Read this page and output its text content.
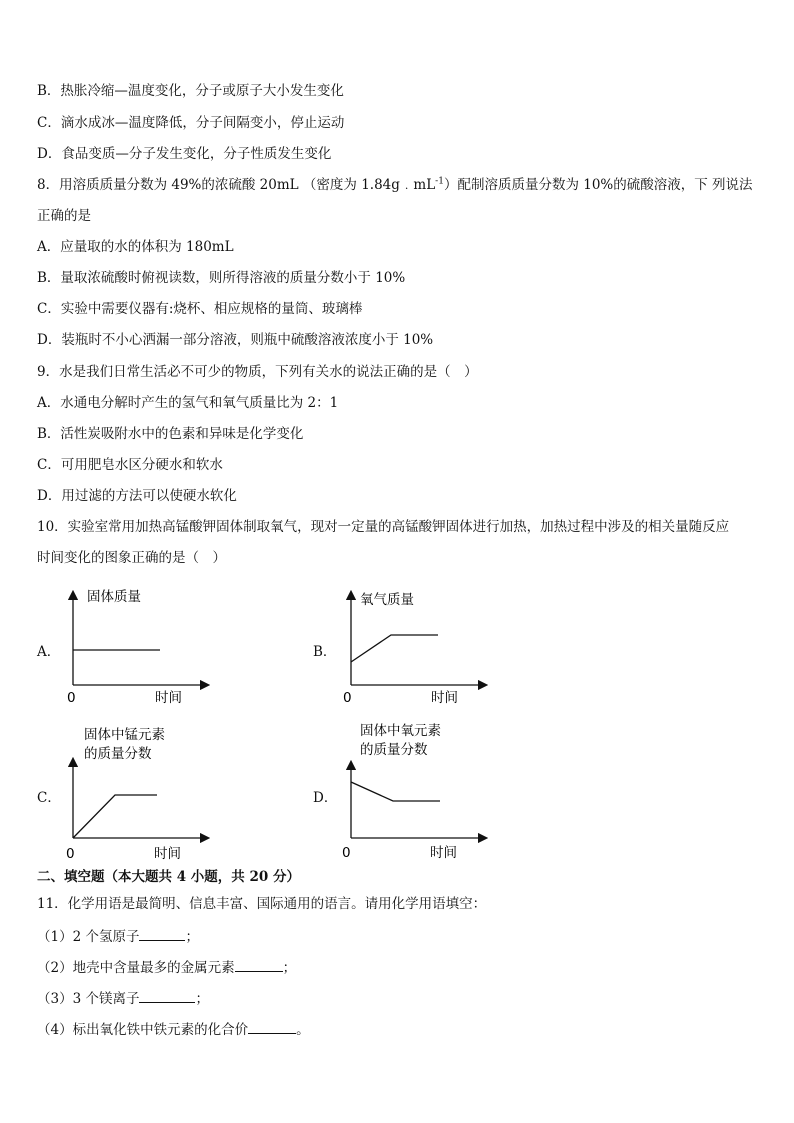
B．热胀冷缩—温度变化，分子或原子大小发生变化
C．滴水成冰—温度降低，分子间隔变小，停止运动
D．食品变质—分子发生变化，分子性质发生变化
8．用溶质质量分数为 49%的浓硫酸 20mL （密度为 $1.84g﹒mL^{-1}$）配制溶质质量分数为 10%的硫酸溶液，下 列说法
正确的是
A．应量取的水的体积为 180mL
B．量取浓硫酸时俯视读数，则所得溶液的质量分数小于 10%
C．实验中需要仪器有:烧杯、相应规格的量筒、玻璃棒
D．装瓶时不小心洒漏一部分溶液，则瓶中硫酸溶液浓度小于 10%
9．水是我们日常生活必不可少的物质，下列有关水的说法正确的是（　）
A．水通电分解时产生的氢气和氧气质量比为 2：1
B．活性炭吸附水中的色素和异味是化学变化
C．可用肥皂水区分硬水和软水
D．用过滤的方法可以使硬水软化
10．实验室常用加热高锰酸钾固体制取氧气，现对一定量的高锰酸钾固体进行加热，加热过程中涉及的相关量随反应
时间变化的图象正确的是（　）
A．
固体质量
0	时间
B．
氧气质量
0	时间
C．
固体中锰元素
的质量分数
0	时间
D．
固体中氧元素
的质量分数
0	时间
二、填空题（本大题共 4 小题，共 20 分）
11．化学用语是最简明、信息丰富、国际通用的语言。请用化学用语填空：
（1）2 个氢原子	；
（2）地壳中含量最多的金属元素	；
（3）3 个镁离子	；
（4）标出氧化铁中铁元素的化合价	。
